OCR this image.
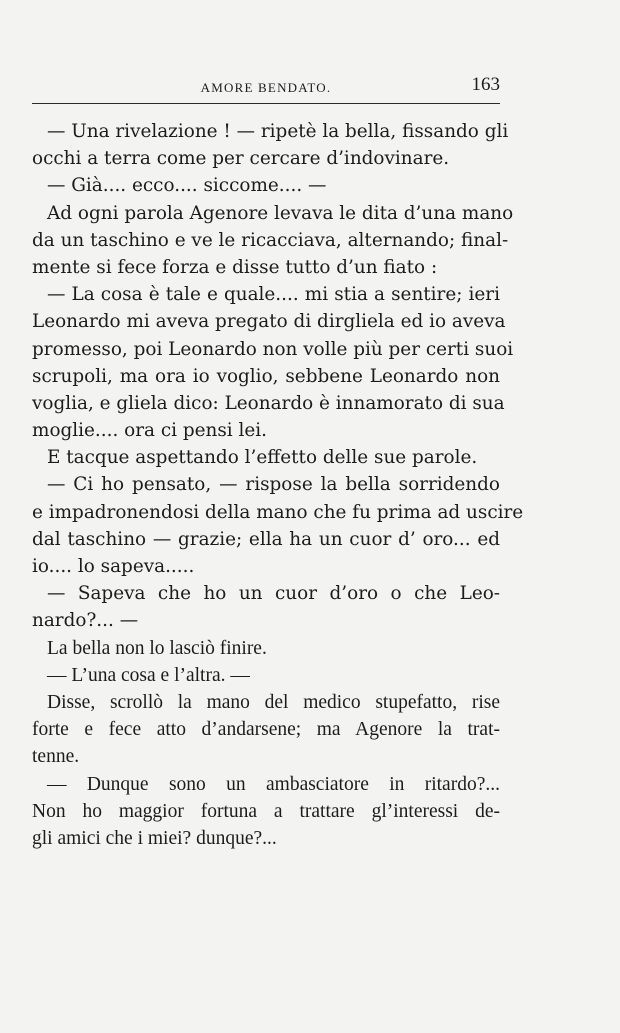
AMORE BENDATO.	163
— Una rivelazione ! — ripetè la bella, fissando gli
occhi a terra come per cercare d’indovinare.
— Già.... ecco.... siccome.... —
Ad ogni parola Agenore levava le dita d’una mano
da un taschino e ve le ricacciava, alternando; final-
mente si fece forza e disse tutto d’un fiato :
— La cosa è tale e quale.... mi stia a sentire; ieri
Leonardo mi aveva pregato di dirgliela ed io aveva
promesso, poi Leonardo non volle più per certi suoi
scrupoli, ma ora io voglio, sebbene Leonardo non
voglia, e gliela dico: Leonardo è innamorato di sua
moglie.... ora ci pensi lei.
E tacque aspettando l’effetto delle sue parole.
— Ci ho pensato, — rispose la bella sorridendo
e impadronendosi della mano che fu prima ad uscire
dal taschino — grazie; ella ha un cuor d’ oro... ed
io.... lo sapeva.....
— Sapeva che ho un cuor d’oro o che Leo-
nardo?... —
La bella non lo lasciò finire.
— L’una cosa e l’altra. —
Disse, scrollò la mano del medico stupefatto, rise
forte e fece atto d’andarsene; ma Agenore la trat-
tenne.
— Dunque sono un ambasciatore in ritardo?...
Non ho maggior fortuna a trattare gl’interessi de-
gli amici che i miei? dunque?...
